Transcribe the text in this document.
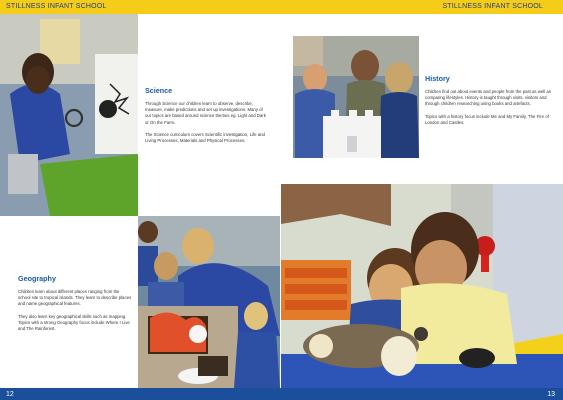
STILLNESS INFANT SCHOOL	STILLNESS INFANT SCHOOL
Science
Through Science our children learn to observe, describe, measure, make predictions and set up investigations. Many of our topics are based around science themes eg. Light and Dark or On the Farm.
The Science curriculum covers Scientific investigation, Life and Living Processes, Materials and Physical Processes.
History
Children find out about events and people from the past as well as comparing lifestyles. History is taught through visits, visitors and through children researching using books and artefacts.
Topics with a history focus include Me and My Family, The Fire of London and Castles.
Geography
Children learn about different places ranging from the school site to tropical islands. They learn to describe places and name geographical features.
They also learn key geographical skills such as mapping. Topics with a strong Geography focus include Where I Live and The Rainforest.
12	13
